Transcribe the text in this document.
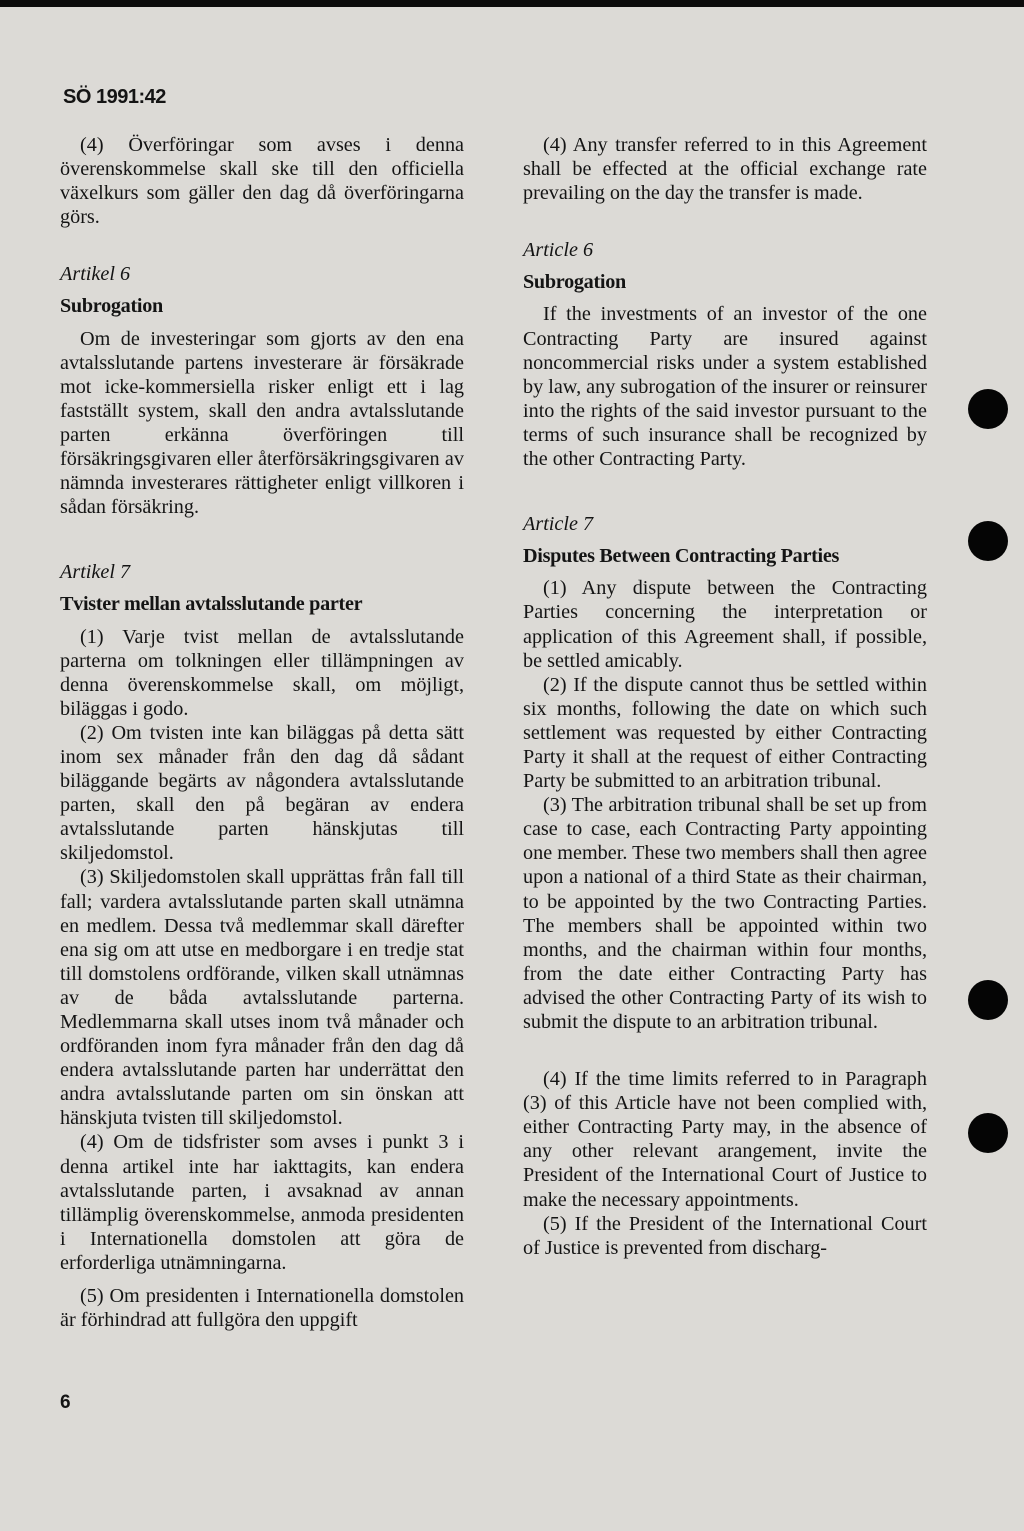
SÖ 1991:42

(4) Överföringar som avses i denna överenskommelse skall ske till den officiella växelkurs som gäller den dag då överföringarna görs.

Artikel 6

Subrogation

Om de investeringar som gjorts av den ena avtalsslutande partens investerare är försäkrade mot icke-kommersiella risker enligt ett i lag fastställt system, skall den andra avtalsslutande parten erkänna överföringen till försäkringsgivaren eller återförsäkringsgivaren av nämnda investerares rättigheter enligt villkoren i sådan försäkring.

Artikel 7

Tvister mellan avtalsslutande parter

(1) Varje tvist mellan de avtalsslutande parterna om tolkningen eller tillämpningen av denna överenskommelse skall, om möjligt, biläggas i godo.

(2) Om tvisten inte kan biläggas på detta sätt inom sex månader från den dag då sådant biläggande begärts av någondera avtalsslutande parten, skall den på begäran av endera avtalsslutande parten hänskjutas till skiljedomstol.

(3) Skiljedomstolen skall upprättas från fall till fall; vardera avtalsslutande parten skall utnämna en medlem. Dessa två medlemmar skall därefter ena sig om att utse en medborgare i en tredje stat till domstolens ordförande, vilken skall utnämnas av de båda avtalsslutande parterna. Medlemmarna skall utses inom två månader och ordföranden inom fyra månader från den dag då endera avtalsslutande parten har underrättat den andra avtalsslutande parten om sin önskan att hänskjuta tvisten till skiljedomstol.

(4) Om de tidsfrister som avses i punkt 3 i denna artikel inte har iakttagits, kan endera avtalsslutande parten, i avsaknad av annan tillämplig överenskommelse, anmoda presidenten i Internationella domstolen att göra de erforderliga utnämningarna.

(5) Om presidenten i Internationella domstolen är förhindrad att fullgöra den uppgift

(4) Any transfer referred to in this Agreement shall be effected at the official exchange rate prevailing on the day the transfer is made.

Article 6

Subrogation

If the investments of an investor of the one Contracting Party are insured against noncommercial risks under a system established by law, any subrogation of the insurer or reinsurer into the rights of the said investor pursuant to the terms of such insurance shall be recognized by the other Contracting Party.

Article 7

Disputes Between Contracting Parties

(1) Any dispute between the Contracting Parties concerning the interpretation or application of this Agreement shall, if possible, be settled amicably.

(2) If the dispute cannot thus be settled within six months, following the date on which such settlement was requested by either Contracting Party it shall at the request of either Contracting Party be submitted to an arbitration tribunal.

(3) The arbitration tribunal shall be set up from case to case, each Contracting Party appointing one member. These two members shall then agree upon a national of a third State as their chairman, to be appointed by the two Contracting Parties. The members shall be appointed within two months, and the chairman within four months, from the date either Contracting Party has advised the other Contracting Party of its wish to submit the dispute to an arbitration tribunal.

(4) If the time limits referred to in Paragraph (3) of this Article have not been complied with, either Contracting Party may, in the absence of any other relevant arangement, invite the President of the International Court of Justice to make the necessary appointments.

(5) If the President of the International Court of Justice is prevented from discharg-

6
